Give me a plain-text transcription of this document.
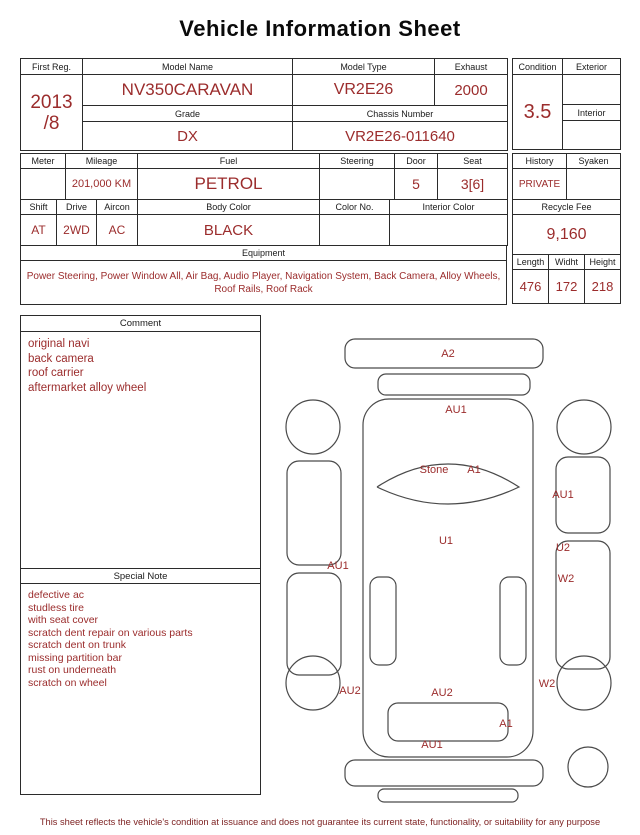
Vehicle Information Sheet
First Reg.	Model Name	Model Type	Exhaust

2013
/8	NV350CARAVAN	VR2E26	2000
	Grade	Chassis Number	
	DX	VR2E26-011640	
Condition	Exterior
3.5	
	Interior

Meter	Mileage	Fuel	Steering	Door	Seat
	201,000 KM	PETROL		5	3[6]
Shift	Drive	Aircon	Body Color	Color No.	Interior Color
AT	2WD	AC	BLACK		
Equipment
Power Steering, Power Window All, Air Bag, Audio Player, Navigation System, Back Camera, Alloy Wheels, Roof Rails, Roof Rack
History	Syaken
PRIVATE	
Recycle Fee	
9,160	
Length	Widht	Height
476	172	218
Comment
original navi
back camera
roof carrier
aftermarket alloy wheel
Special Note
defective ac
studless tire
with seat cover
scratch dent repair on various parts
scratch dent on trunk
missing partition bar
rust on underneath
scratch on wheel
A2
AU1
Stone A1
AU1
U1
AU1
U2
W2
AU2	AU2
W2
A1
AU1
This sheet reflects the vehicle's condition at issuance and does not guarantee its current state, functionality, or suitability for any purpose
